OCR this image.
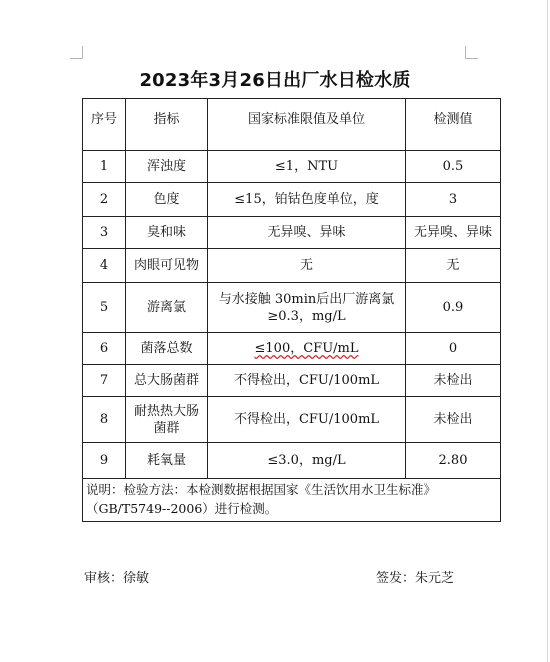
2023年3月26日出厂水日检水质
序号	指标	国家标准限值及单位	检测值
1	浑浊度	≤1，NTU	0.5
2	色度	≤15，铂钴色度单位，度	3
3	臭和味	无异嗅、异味	无异嗅、异味
4	肉眼可见物	无	无
5	游离氯	与水接触 30min后出厂游离氯≥0.3，mg/L	0.9
6	菌落总数	≤100，CFU/mL	0
7	总大肠菌群	不得检出，CFU/100mL	未检出
8	耐热热大肠菌群	不得检出，CFU/100mL	未检出
9	耗氧量	≤3.0，mg/L	2.80
说明：检验方法：本检测数据根据国家《生活饮用水卫生标准》（GB/T5749--2006）进行检测。			
审核：徐敏	签发：朱元芝
